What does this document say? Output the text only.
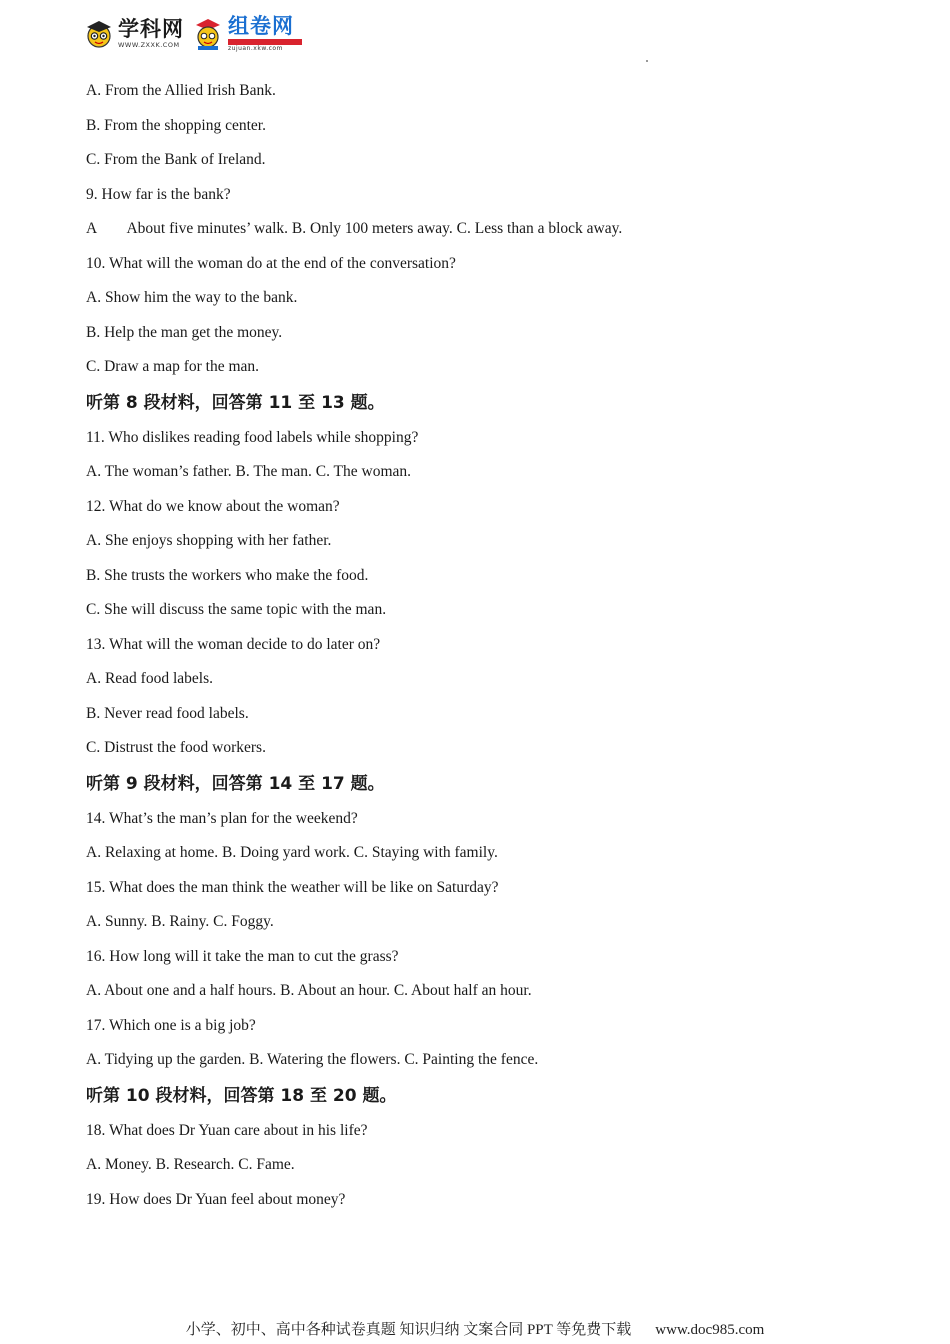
学科网
WWW.ZXXK.COM
组卷网
zujuan.xkw.com
A. From the Allied Irish Bank.
B. From the shopping center.
C. From the Bank of Ireland.
9. How far is the bank?
A        About five minutes’ walk. B. Only 100 meters away. C. Less than a block away.
10. What will the woman do at the end of the conversation?
A. Show him the way to the bank.
B. Help the man get the money.
C. Draw a map for the man.
听第 8 段材料，回答第 11 至 13 题。
11. Who dislikes reading food labels while shopping?
A. The woman’s father. B. The man. C. The woman.
12. What do we know about the woman?
A. She enjoys shopping with her father.
B. She trusts the workers who make the food.
C. She will discuss the same topic with the man.
13. What will the woman decide to do later on?
A. Read food labels.
B. Never read food labels.
C. Distrust the food workers.
听第 9 段材料，回答第 14 至 17 题。
14. What’s the man’s plan for the weekend?
A. Relaxing at home. B. Doing yard work. C. Staying with family.
15. What does the man think the weather will be like on Saturday?
A. Sunny. B. Rainy. C. Foggy.
16. How long will it take the man to cut the grass?
A. About one and a half hours. B. About an hour. C. About half an hour.
17. Which one is a big job?
A. Tidying up the garden. B. Watering the flowers. C. Painting the fence.
听第 10 段材料，回答第 18 至 20 题。
18. What does Dr Yuan care about in his life?
A. Money. B. Research. C. Fame.
19. How does Dr Yuan feel about money?
小学、初中、高中各种试卷真题 知识归纳 文案合同 PPT 等免费下载 www.doc985.com
